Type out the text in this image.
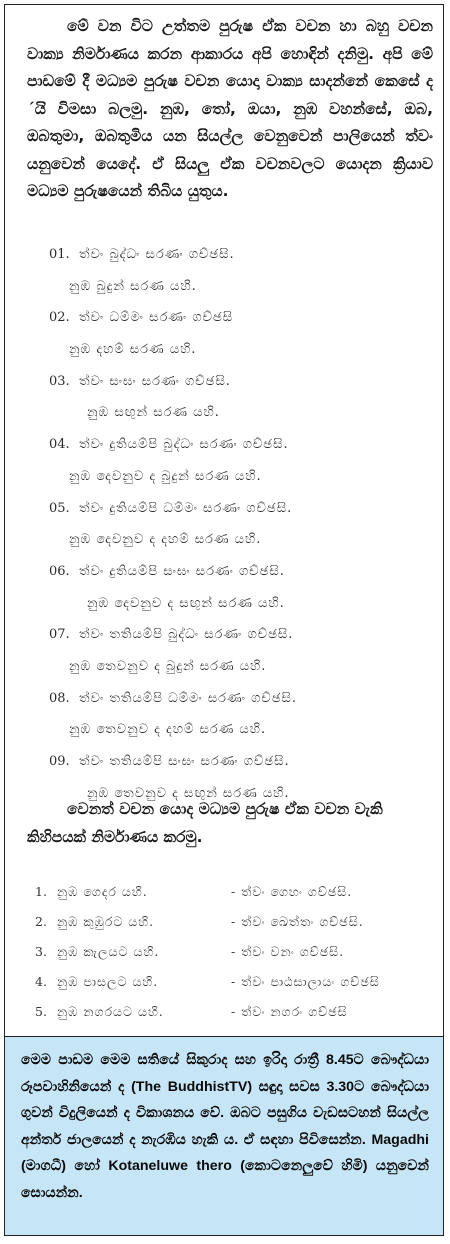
මේ වන විට උත්තම පුරුෂ ඒක වචන හා බහු වචන වාක්‍ය නිර්මාණය කරන ආකාරය අපි හොඳින් දනිමු. අපි මේ පාඩමේ දී මධ්‍යම පුරුෂ වචන යොදා වාක්‍ය සාදන්නේ කෙසේ ද´යි විමසා බලමු. නුඹ, තෝ, ඔයා, නුඹ වහන්සේ, ඔබ, ඔබතුමා, ඔබතුමිය යන සියල්ල වෙනුවෙන් පාලියෙන් ත්වං යනුවෙන් යෙදේ. ඒ සියලු ඒක වචනවලට යොදන ක්‍රියාව මධ්‍යම පුරුෂයෙන් තිබිය යුතුය.
01. ත්වං බුද්ධං සරණං ගච්ඡසි.
නුඹ බුදුන් සරණ යහි.
02. ත්වං ධම්මං සරණං ගච්ඡසි
නුඹ දහම් සරණ යහි.
03. ත්වං සංඝං සරණං ගච්ඡසි.
නුඹ සඟුන් සරණ යහි.
04. ත්වං දුතියම්පි බුද්ධං සරණං ගච්ඡසි.
නුඹ දෙවනුව ද බුදුන් සරණ යහි.
05. ත්වං දුතියම්පි ධම්මං සරණං ගච්ඡසි.
නුඹ දෙවනුව ද දහම් සරණ යහි.
06. ත්වං දුතියම්පි සංඝං සරණං ගච්ඡසි.
නුඹ දෙවනුව ද සඟුන් සරණ යහි.
07. ත්වං තතියම්පි බුද්ධං සරණං ගච්ඡසි.
නුඹ තෙවනුව ද බුදුන් සරණ යහි.
08. ත්වං තතියම්පි ධම්මං සරණං ගච්ඡසි.
නුඹ තෙවනුව ද දහම් සරණ යහි.
09. ත්වං තතියම්පි සංඝං සරණං ගච්ඡසි.
නුඹ තෙවනුව ද සඟුන් සරණ යහි.
වෙනත් වචන යොද මධ්‍යම පුරුෂ ඒක වචන වැකි කිහිපයක් නිර්මාණය කරමු.
1. නුඹ ගෙදර යහි.	- ත්වං ගෙහං ගච්ඡසි.
2. නුඹ කුඹුරට යහි.	- ත්වං ඛෙත්තං ගච්ඡසි.
3. නුඹ කැලයට යහි.	- ත්වං වනං ගච්ඡසි.
4. නුඹ පාසලට යහි.	- ත්වං පාඨසාලායං ගච්ඡසි
5. නුඹ නගරයට යහි.	- ත්වං නගරං ගච්ඡසි
මෙම පාඩම මෙම සතියේ සිකුරාද සහ ඉරිදා රාත්‍රී 8.45ට බෞද්ධයා රූපවාහිනියෙන් ද (The BuddhistTV) සඳුදා සවස 3.30ට බෞද්ධයා ගුවන් විදුලියෙන් ද විකාශනය වේ. ඔබට පසුගිය වැඩසටහන් සියල්ල අන්තර් ජාලයෙන් ද නැරඹිය හැකි ය. ඒ සඳහා පිවිසෙන්න. Magadhi (මාගධී) හෝ Kotaneluwe thero (කොටනෙලුවේ හිමි) යනුවෙන් සොයන්න.
